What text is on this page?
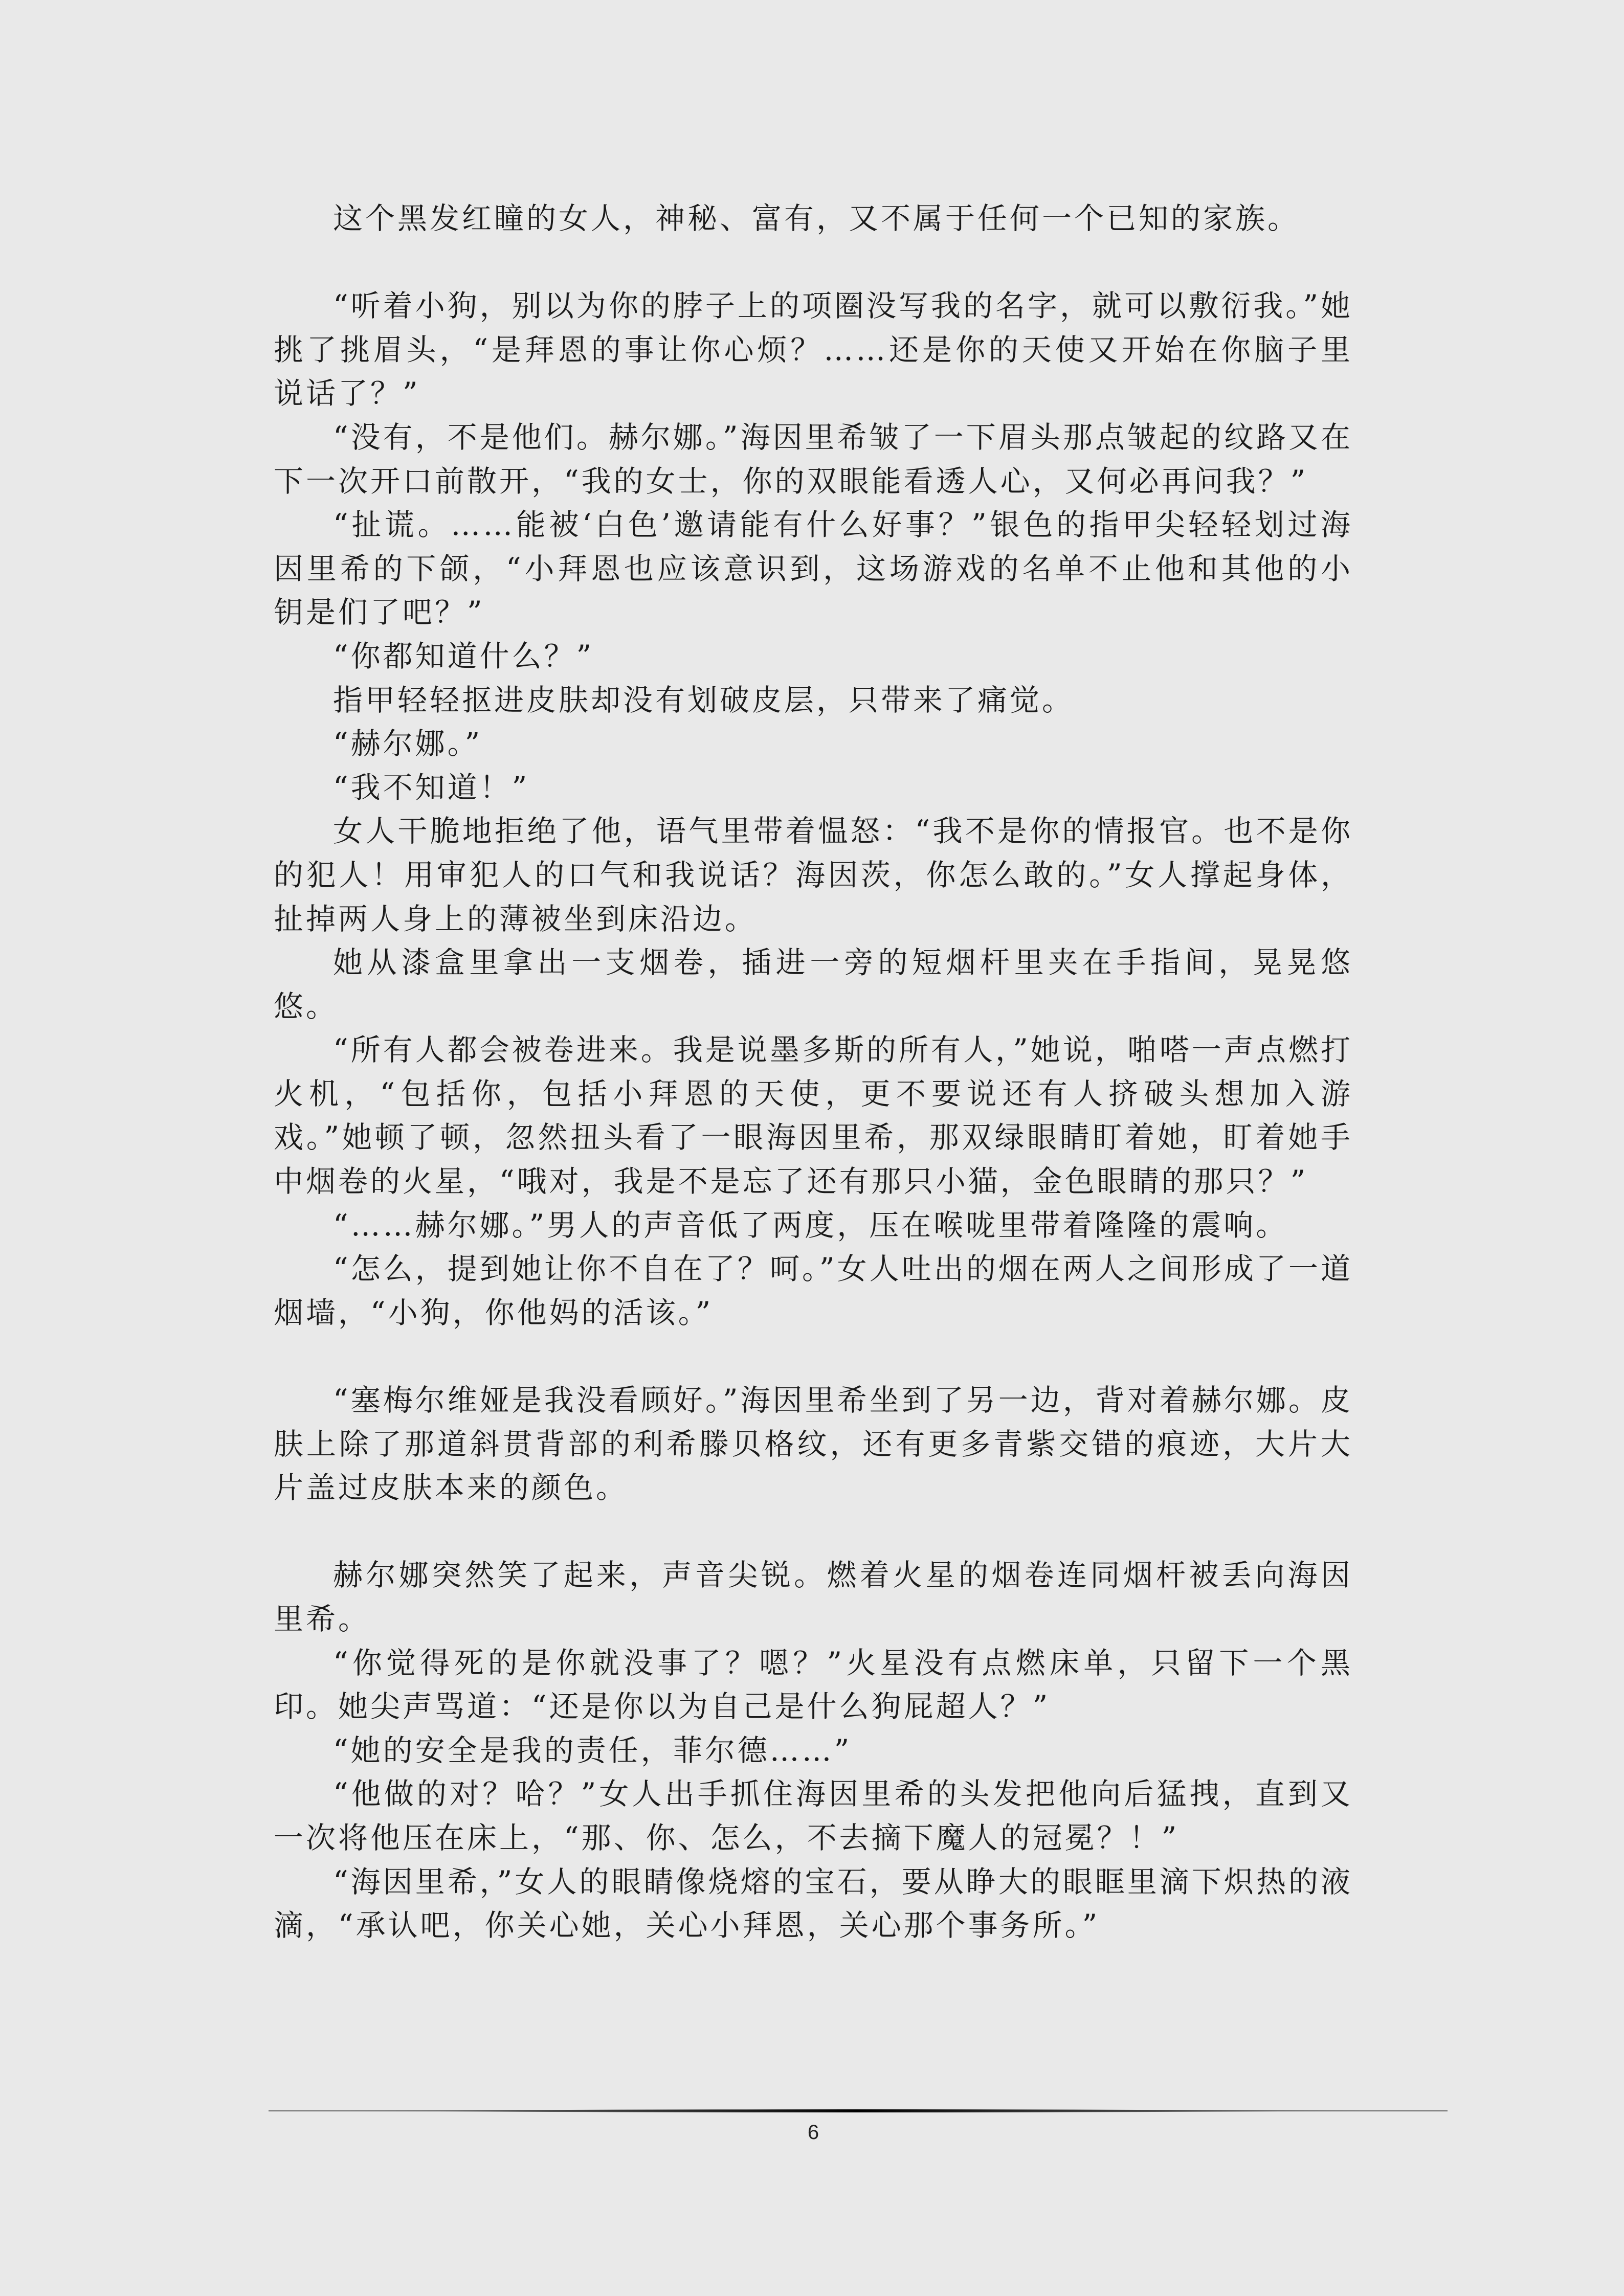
这个黑发红瞳的女人，神秘、富有，又不属于任何一个已知的家族。

“听着小狗，别以为你的脖子上的项圈没写我的名字，就可以敷衍我。”她挑了挑眉头，“是拜恩的事让你心烦？……还是你的天使又开始在你脑子里说话了？”

“没有，不是他们。赫尔娜。”海因里希皱了一下眉头那点皱起的纹路又在下一次开口前散开，“我的女士，你的双眼能看透人心，又何必再问我？”

“扯谎。……能被‘白色’邀请能有什么好事？”银色的指甲尖轻轻划过海因里希的下颌，“小拜恩也应该意识到，这场游戏的名单不止他和其他的小钥是们了吧？”

“你都知道什么？”

指甲轻轻抠进皮肤却没有划破皮层，只带来了痛觉。

“赫尔娜。”

“我不知道！”

女人干脆地拒绝了他，语气里带着愠怒：“我不是你的情报官。也不是你的犯人！用审犯人的口气和我说话？海因茨，你怎么敢的。”女人撑起身体，扯掉两人身上的薄被坐到床沿边。

她从漆盒里拿出一支烟卷，插进一旁的短烟杆里夹在手指间，晃晃悠悠。

“所有人都会被卷进来。我是说墨多斯的所有人，”她说，啪嗒一声点燃打火机，“包括你，包括小拜恩的天使，更不要说还有人挤破头想加入游戏。”她顿了顿，忽然扭头看了一眼海因里希，那双绿眼睛盯着她，盯着她手中烟卷的火星，“哦对，我是不是忘了还有那只小猫，金色眼睛的那只？”

“……赫尔娜。”男人的声音低了两度，压在喉咙里带着隆隆的震响。

“怎么，提到她让你不自在了？呵。”女人吐出的烟在两人之间形成了一道烟墙，“小狗，你他妈的活该。”

“塞梅尔维娅是我没看顾好。”海因里希坐到了另一边，背对着赫尔娜。皮肤上除了那道斜贯背部的利希滕贝格纹，还有更多青紫交错的痕迹，大片大片盖过皮肤本来的颜色。

赫尔娜突然笑了起来，声音尖锐。燃着火星的烟卷连同烟杆被丢向海因里希。

“你觉得死的是你就没事了？嗯？”火星没有点燃床单，只留下一个黑印。她尖声骂道：“还是你以为自己是什么狗屁超人？”

“她的安全是我的责任，菲尔德……”

“他做的对？哈？”女人出手抓住海因里希的头发把他向后猛拽，直到又一次将他压在床上，“那、你、怎么，不去摘下魔人的冠冕？！”

“海因里希，”女人的眼睛像烧熔的宝石，要从睁大的眼眶里滴下炽热的液滴，“承认吧，你关心她，关心小拜恩，关心那个事务所。”

6
